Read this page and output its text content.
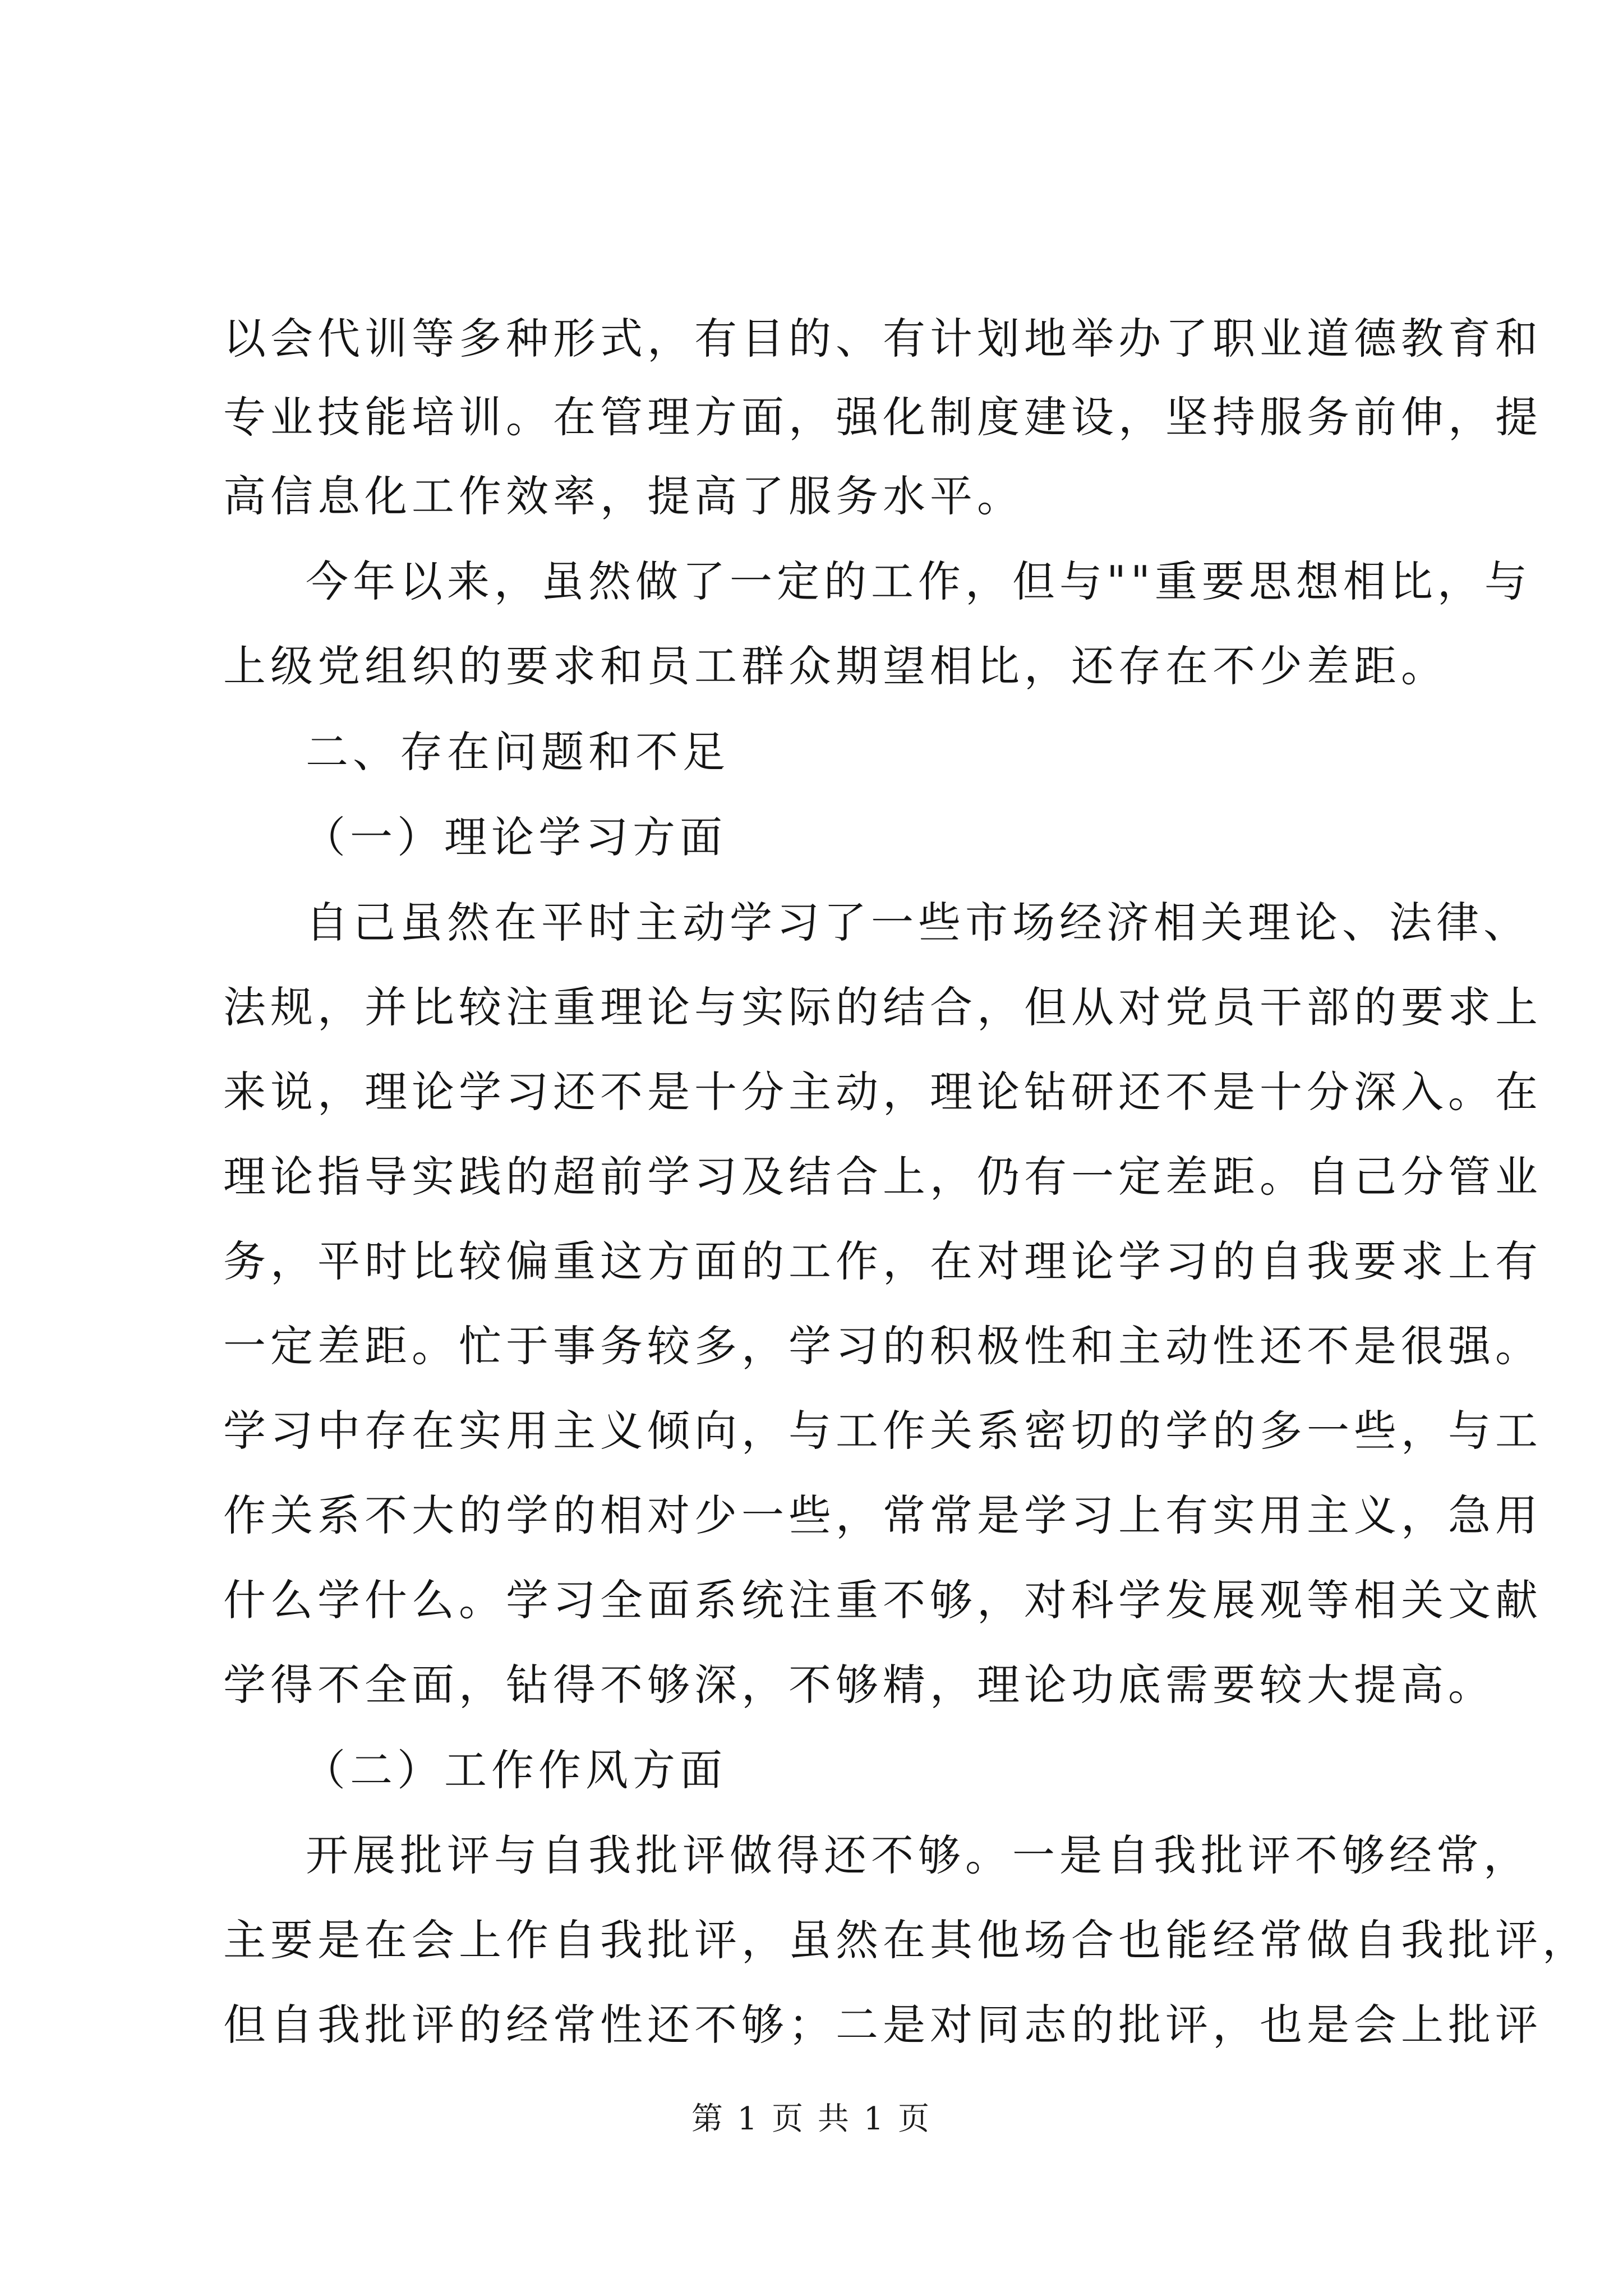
以会代训等多种形式，有目的、有计划地举办了职业道德教育和
专业技能培训。在管理方面，强化制度建设，坚持服务前伸，提
高信息化工作效率，提高了服务水平。
今年以来，虽然做了一定的工作，但与""重要思想相比，与
上级党组织的要求和员工群众期望相比，还存在不少差距。
二、存在问题和不足
（一）理论学习方面
自己虽然在平时主动学习了一些市场经济相关理论、法律、
法规，并比较注重理论与实际的结合，但从对党员干部的要求上
来说，理论学习还不是十分主动，理论钻研还不是十分深入。在
理论指导实践的超前学习及结合上，仍有一定差距。自己分管业
务，平时比较偏重这方面的工作，在对理论学习的自我要求上有
一定差距。忙于事务较多，学习的积极性和主动性还不是很强。
学习中存在实用主义倾向，与工作关系密切的学的多一些，与工
作关系不大的学的相对少一些，常常是学习上有实用主义，急用
什么学什么。学习全面系统注重不够，对科学发展观等相关文献
学得不全面，钻得不够深，不够精，理论功底需要较大提高。
（二）工作作风方面
开展批评与自我批评做得还不够。一是自我批评不够经常，
主要是在会上作自我批评，虽然在其他场合也能经常做自我批评，
但自我批评的经常性还不够；二是对同志的批评，也是会上批评
第 1 页 共 1 页
